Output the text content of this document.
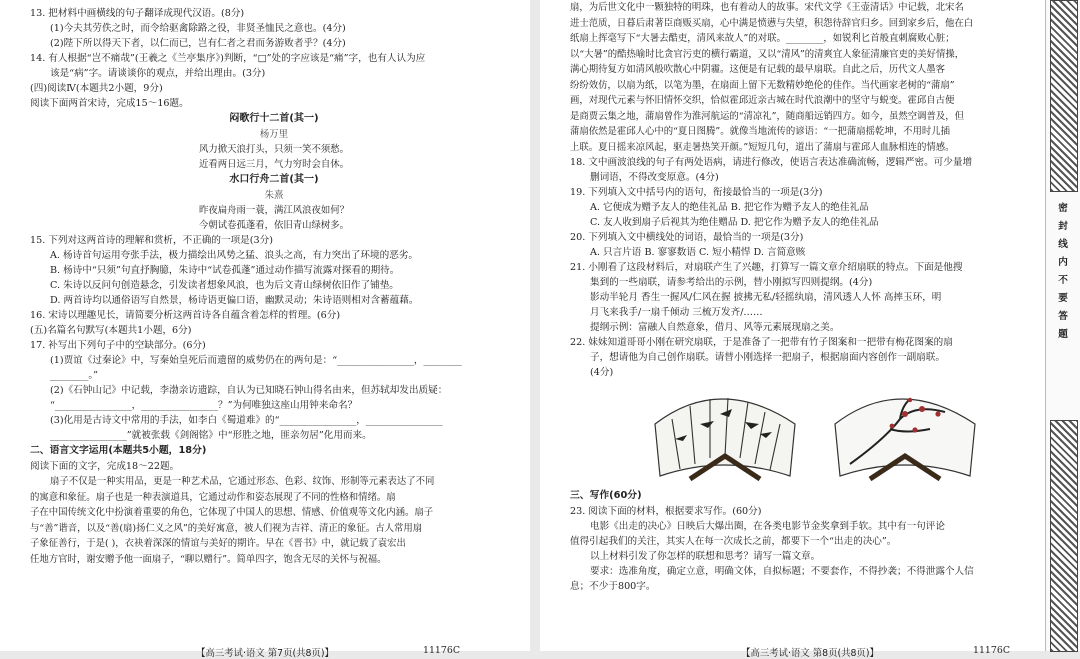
13. 把材料中画横线的句子翻译成现代汉语。(8分)
(1)今夫其劳佚之时，而令给驱禽除路之役，非贤圣恤民之意也。(4分)
(2)陛下所以得天下者，以仁而已，岂有仁者之君而务游败者乎？(4分)
14. 有人根据“岂不痛哉”(王羲之《兰亭集序》)判断，“□”处的字应该是“痛”字，也有人认为应
该是“病”字。请谈谈你的观点，并给出理由。(3分)
(四)阅读Ⅳ(本题共2小题，9分)
阅读下面两首宋诗，完成15～16题。
闷歌行十二首(其一)
杨万里
风力掀天浪打头，只须一笑不须愁。
近看两日远三月，气力穷时会自休。
水口行舟二首(其一)
朱熹
昨夜扁舟雨一蓑，满江风浪夜如何？
今朝试卷孤蓬看，依旧青山绿树多。
15. 下列对这两首诗的理解和赏析，不正确的一项是(3分)
A. 杨诗首句运用夸张手法，极力描绘出风势之猛、浪头之高，有力突出了环境的恶劣。
B. 杨诗中“只须”句直抒胸臆，朱诗中“试卷孤蓬”通过动作描写流露对探看的期待。
C. 朱诗以反问句创造悬念，引发读者想象风浪，也为后文青山绿树依旧作了铺垫。
D. 两首诗均以通俗语写自然景，杨诗语更偏口语，幽默灵动；朱诗语则相对含蓄蕴藉。
16. 宋诗以理趣见长，请简要分析这两首诗各自蕴含着怎样的哲理。(6分)
(五)名篇名句默写(本题共1小题，6分)
17. 补写出下列句子中的空缺部分。(6分)
(1)贾谊《过秦论》中，写秦始皇死后而遗留的威势仍在的两句是：“________________，________
________。”
(2)《石钟山记》中记载，李渤亲访遗踪，自认为已知晓石钟山得名由来，但苏轼却发出质疑：
“________________，________________？”为何唯独这座山用钟来命名？
(3)化用是古诗文中常用的手法，如李白《蜀道难》的“________________，________________
________________”就被张载《剑阁铭》中“形胜之地，匪亲勿居”化用而来。
二、语言文字运用(本题共5小题，18分)
阅读下面的文字，完成18～22题。
扇子不仅是一种实用品，更是一种艺术品，它通过形态、色彩、纹饰、形制等元素表达了不同
的寓意和象征。扇子也是一种表演道具，它通过动作和姿态展现了不同的性格和情绪。扇
子在中国传统文化中扮演着重要的角色，它体现了中国人的思想、情感、价值观等文化内涵。扇子
与“善”谐音，以及“善(扇)扬仁义之风”的美好寓意，被人们视为吉祥、清正的象征。古人常用扇
子象征善行，于是( )，衣袂着深深的情谊与美好的期许。早在《晋书》中，就记载了袁宏出
任地方官时，谢安赠予他一面扇子，“聊以赠行”。简单四字，饱含无尽的关怀与祝福。
【高三考试·语文 第7页(共8页)】	11176C
扇，为后世文化中一颗独特的明珠，也有着动人的故事。宋代文学《王壶清话》中记载，北宋名
进士范质，日暮后肃著臣商贩买扇，心中满是愤懑与失望，积怨待辞官归乡。回到家乡后，他在白
纸扇上挥毫写下“大暑去酷吏，清风来故人”的对联。________，如锐利匕首般直刺腐败心脏；
以“大暑”的酷热喻时比贪官污吏的横行霸道，又以“清风”的清爽宜人象征清廉官吏的美好情操，
满心期待复方如清风般吹散心中阴霾。这便是有记载的最早扇联。自此之后，历代文人墨客
纷纷效仿，以扇为纸，以笔为墨，在扇面上留下无数精妙绝伦的佳作。当代画家老树的“蒲扇”
画，对现代元素与怀旧情怀交织，恰似霍邱近亲古城在时代浪潮中的坚守与蜕变。霍邱自古便
是商贾云集之地，蒲扇曾作为淮河航运的“清凉礼”，随商船远销四方。如今，虽然空调普及，但
蒲扇依然是霍邱人心中的“夏日图腾”。就像当地流传的谚语：“一把蒲扇摇乾坤，不用时儿插
上联。夏日摇来凉风起，驱走暑热笑开颜。”短短几句，道出了蒲扇与霍邱人血脉相连的情感。
18. 文中画波浪线的句子有两处语病，请进行修改，使语言表达准确流畅，逻辑严密。可少量增
删词语，不得改变原意。(4分)
19. 下列填入文中括号内的语句，衔接最恰当的一项是(3分)
A. 它便成为赠予友人的绝佳礼品 B. 把它作为赠予友人的绝佳礼品
C. 友人收到扇子后视其为绝佳赠品 D. 把它作为赠予友人的绝佳礼品
20. 下列填入文中横线处的词语，最恰当的一项是(3分)
A. 只言片语 B. 寥寥数语 C. 短小精悍 D. 言简意赅
21. 小刚看了这段材料后，对扇联产生了兴趣，打算写一篇文章介绍扇联的特点。下面是他搜
集到的一些扇联，请参考给出的示例，替小刚拟写四则提纲。(4分)
影动半轮月 香生一握风/仁风在握 披拂无私/轻摇纨扇，清风透人人怀 高摔玉环，明
月飞来我手/一扇千倾动 三梳万发齐/……
提纲示例：富融人自然意象，借月、风等元素展现扇之美。
22. 妹妹知道哥哥小刚在研究扇联，于是准备了一把带有竹子图案和一把带有梅花图案的扇
子，想请他为自己创作扇联。请替小刚选择一把扇子，根据扇面内容创作一副扇联。
(4分)
三、写作(60分)
23. 阅读下面的材料，根据要求写作。(60分)
电影《出走的决心》日映后大爆出圈，在各类电影节金奖拿到手软。其中有一句评论
值得引起我们的关注，其实人在每一次成长之前，都要下一个“出走的决心”。
以上材料引发了你怎样的联想和思考？请写一篇文章。
要求：选准角度，确定立意，明确文体，自拟标题；不要套作，不得抄袭；不得泄露个人信
息；不少于800字。
【高三考试·语文 第8页(共8页)】	11176C
密
封
线
内
不
要
答
题
